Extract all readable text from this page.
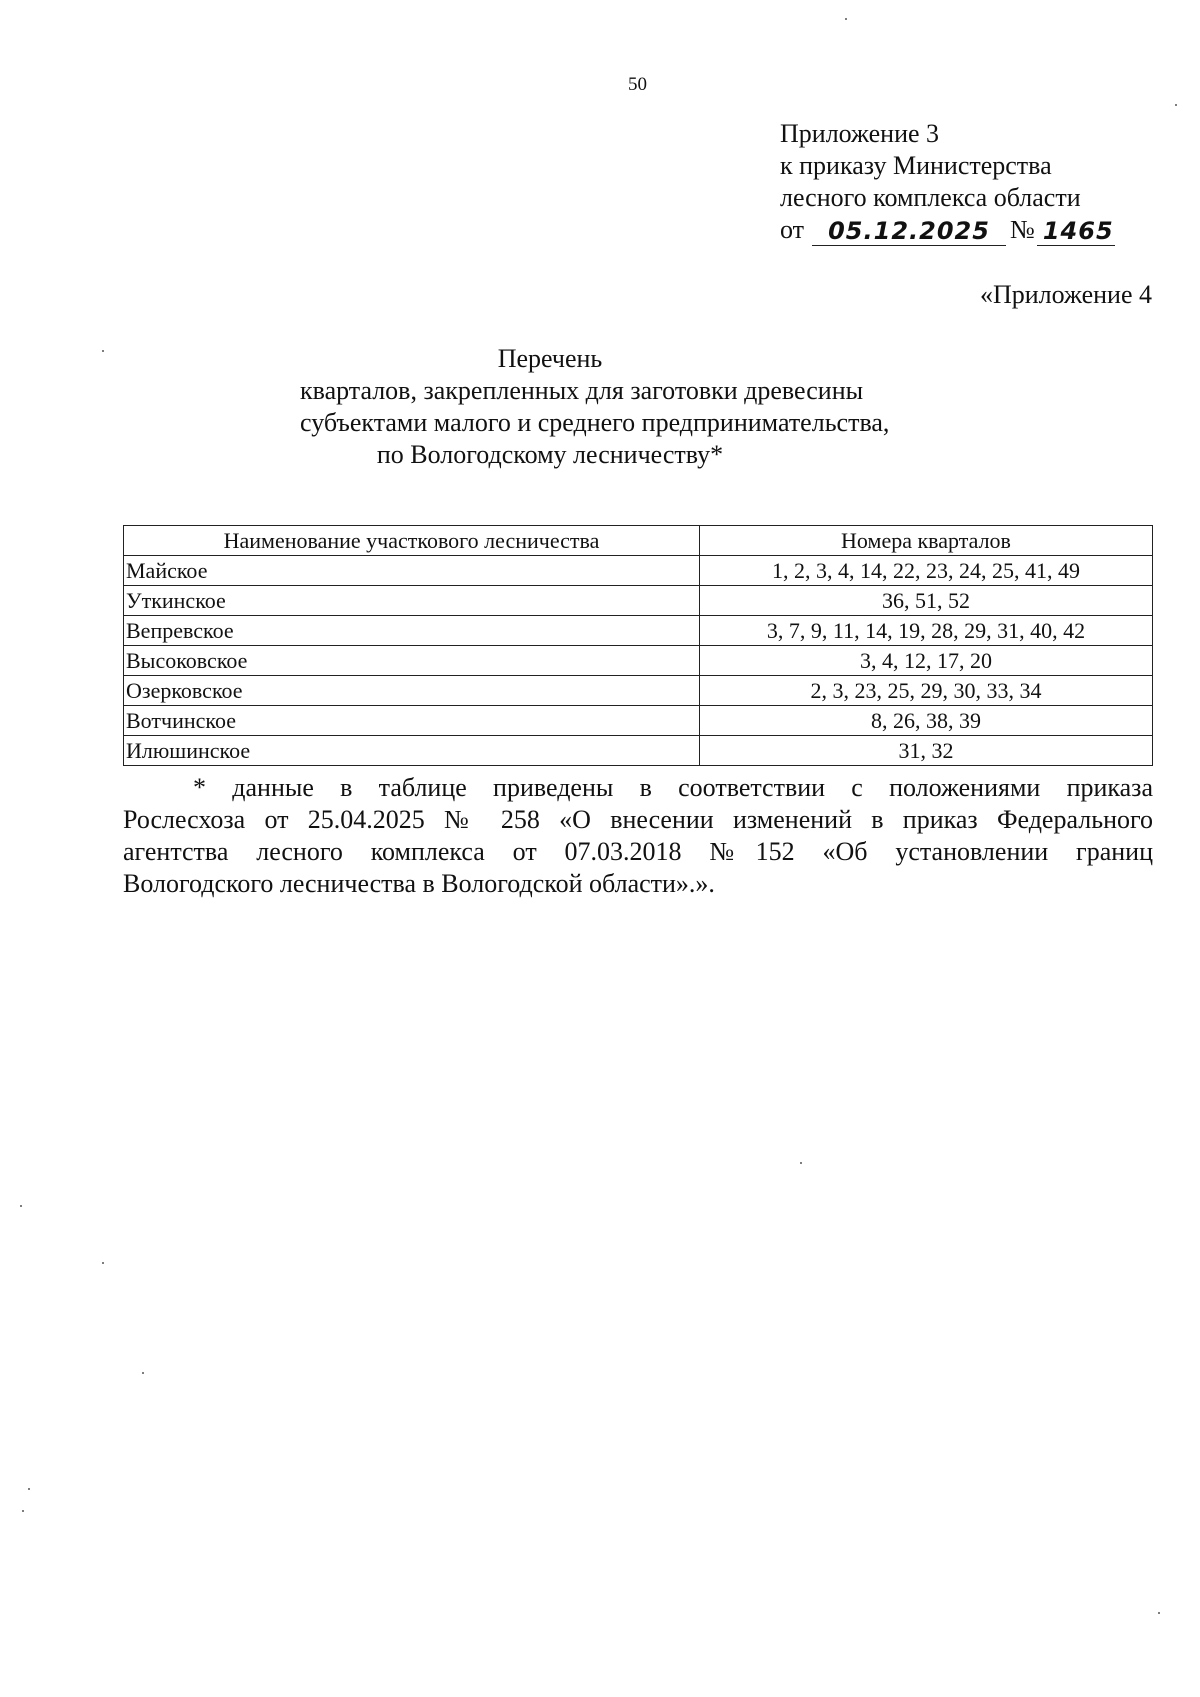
50
Приложение 3
к приказу Министерства
лесного комплекса области
от	05.12.2025 № 1465
«Приложение 4
Перечень
кварталов, закрепленных для заготовки древесины
субъектами малого и среднего предпринимательства,
по Вологодскому лесничеству*
Наименование участкового лесничества	Номера кварталов
Майское	1, 2, 3, 4, 14, 22, 23, 24, 25, 41, 49
Уткинское	36, 51, 52
Вепревское	3, 7, 9, 11, 14, 19, 28, 29, 31, 40, 42
Высоковское	3, 4, 12, 17, 20
Озерковское	2, 3, 23, 25, 29, 30, 33, 34
Вотчинское	8, 26, 38, 39
Илюшинское	31, 32
* данные в таблице приведены в соответствии с положениями приказа
Рослесхоза от 25.04.2025 № 258 «О внесении изменений в приказ Федерального
агентства лесного комплекса от 07.03.2018 №152 «Об установлении границ
Вологодского лесничества в Вологодской области».».
